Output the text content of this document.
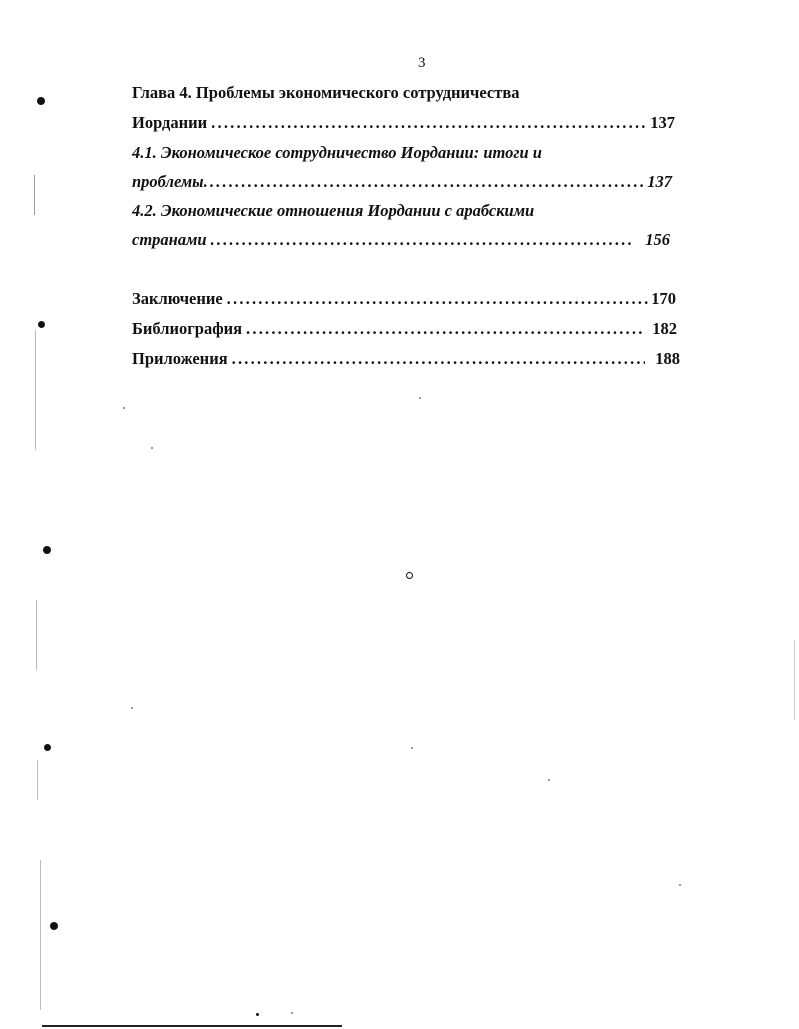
3
Глава 4. Проблемы экономического сотрудничества
Иордании .....	137
4.1. Экономическое сотрудничество Иордании: итоги и
проблемы .....	137
4.2. Экономические отношения Иордании с арабскими
странами .....	156
Заключение .....	170
Библиография .....	182
Приложения .....	188
